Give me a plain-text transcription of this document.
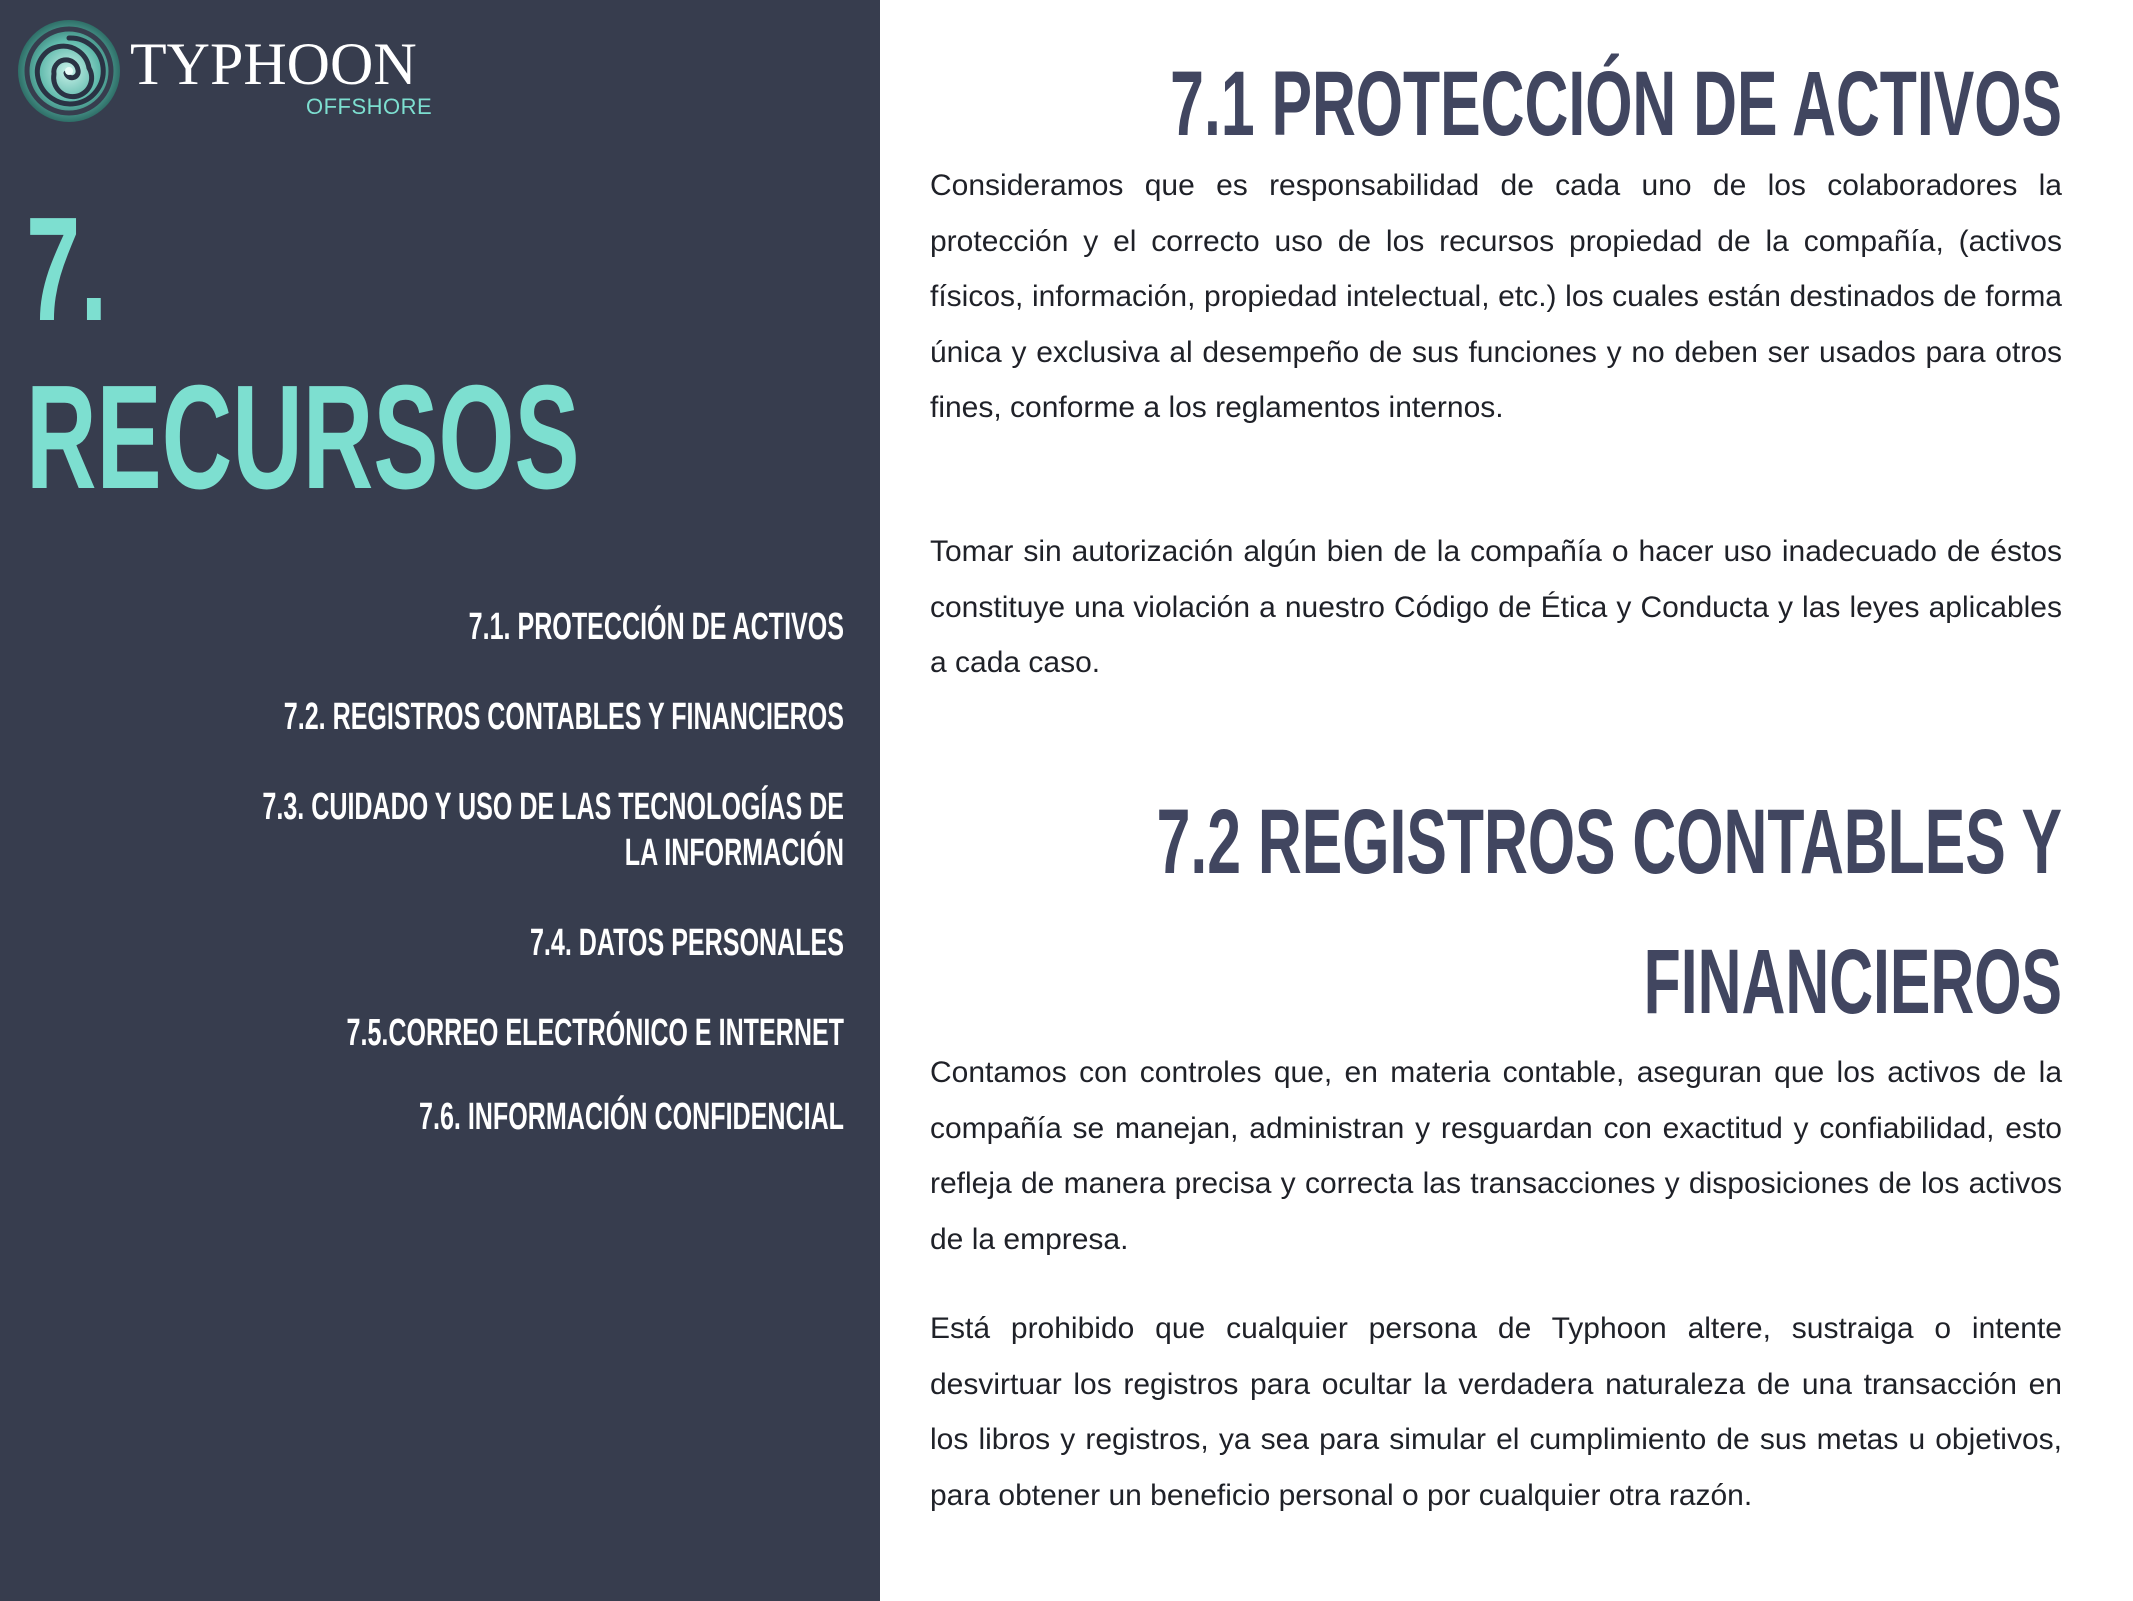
TYPHOON
OFFSHORE
7.
RECURSOS
7.1. PROTECCIÓN DE ACTIVOS
7.2. REGISTROS CONTABLES Y FINANCIEROS
7.3. CUIDADO Y USO DE LAS TECNOLOGÍAS DE
LA INFORMACIÓN
7.4. DATOS PERSONALES
7.5.CORREO ELECTRÓNICO E INTERNET
7.6. INFORMACIÓN CONFIDENCIAL
7.1 PROTECCIÓN DE ACTIVOS

Consideramos que es responsabilidad de cada uno de los colaboradores la protección y el correcto uso de los recursos propiedad de la compañía, (activos físicos, información, propiedad intelectual, etc.) los cuales están destinados de forma única y exclusiva al desempeño de sus funciones y no deben ser usados para otros fines, conforme a los reglamentos internos.

Tomar sin autorización algún bien de la compañía o hacer uso inadecuado de éstos constituye una violación a nuestro Código de Ética y Conducta y las leyes aplicables a cada caso.

7.2 REGISTROS CONTABLES Y
FINANCIEROS

Contamos con controles que, en materia contable, aseguran que los activos de la compañía se manejan, administran y resguardan con exactitud y confiabilidad, esto refleja de manera precisa y correcta las transacciones y disposiciones de los activos de la empresa.

Está prohibido que cualquier persona de Typhoon altere, sustraiga o intente desvirtuar los registros para ocultar la verdadera naturaleza de una transacción en los libros y registros, ya sea para simular el cumplimiento de sus metas u objetivos, para obtener un beneficio personal o por cualquier otra razón.
